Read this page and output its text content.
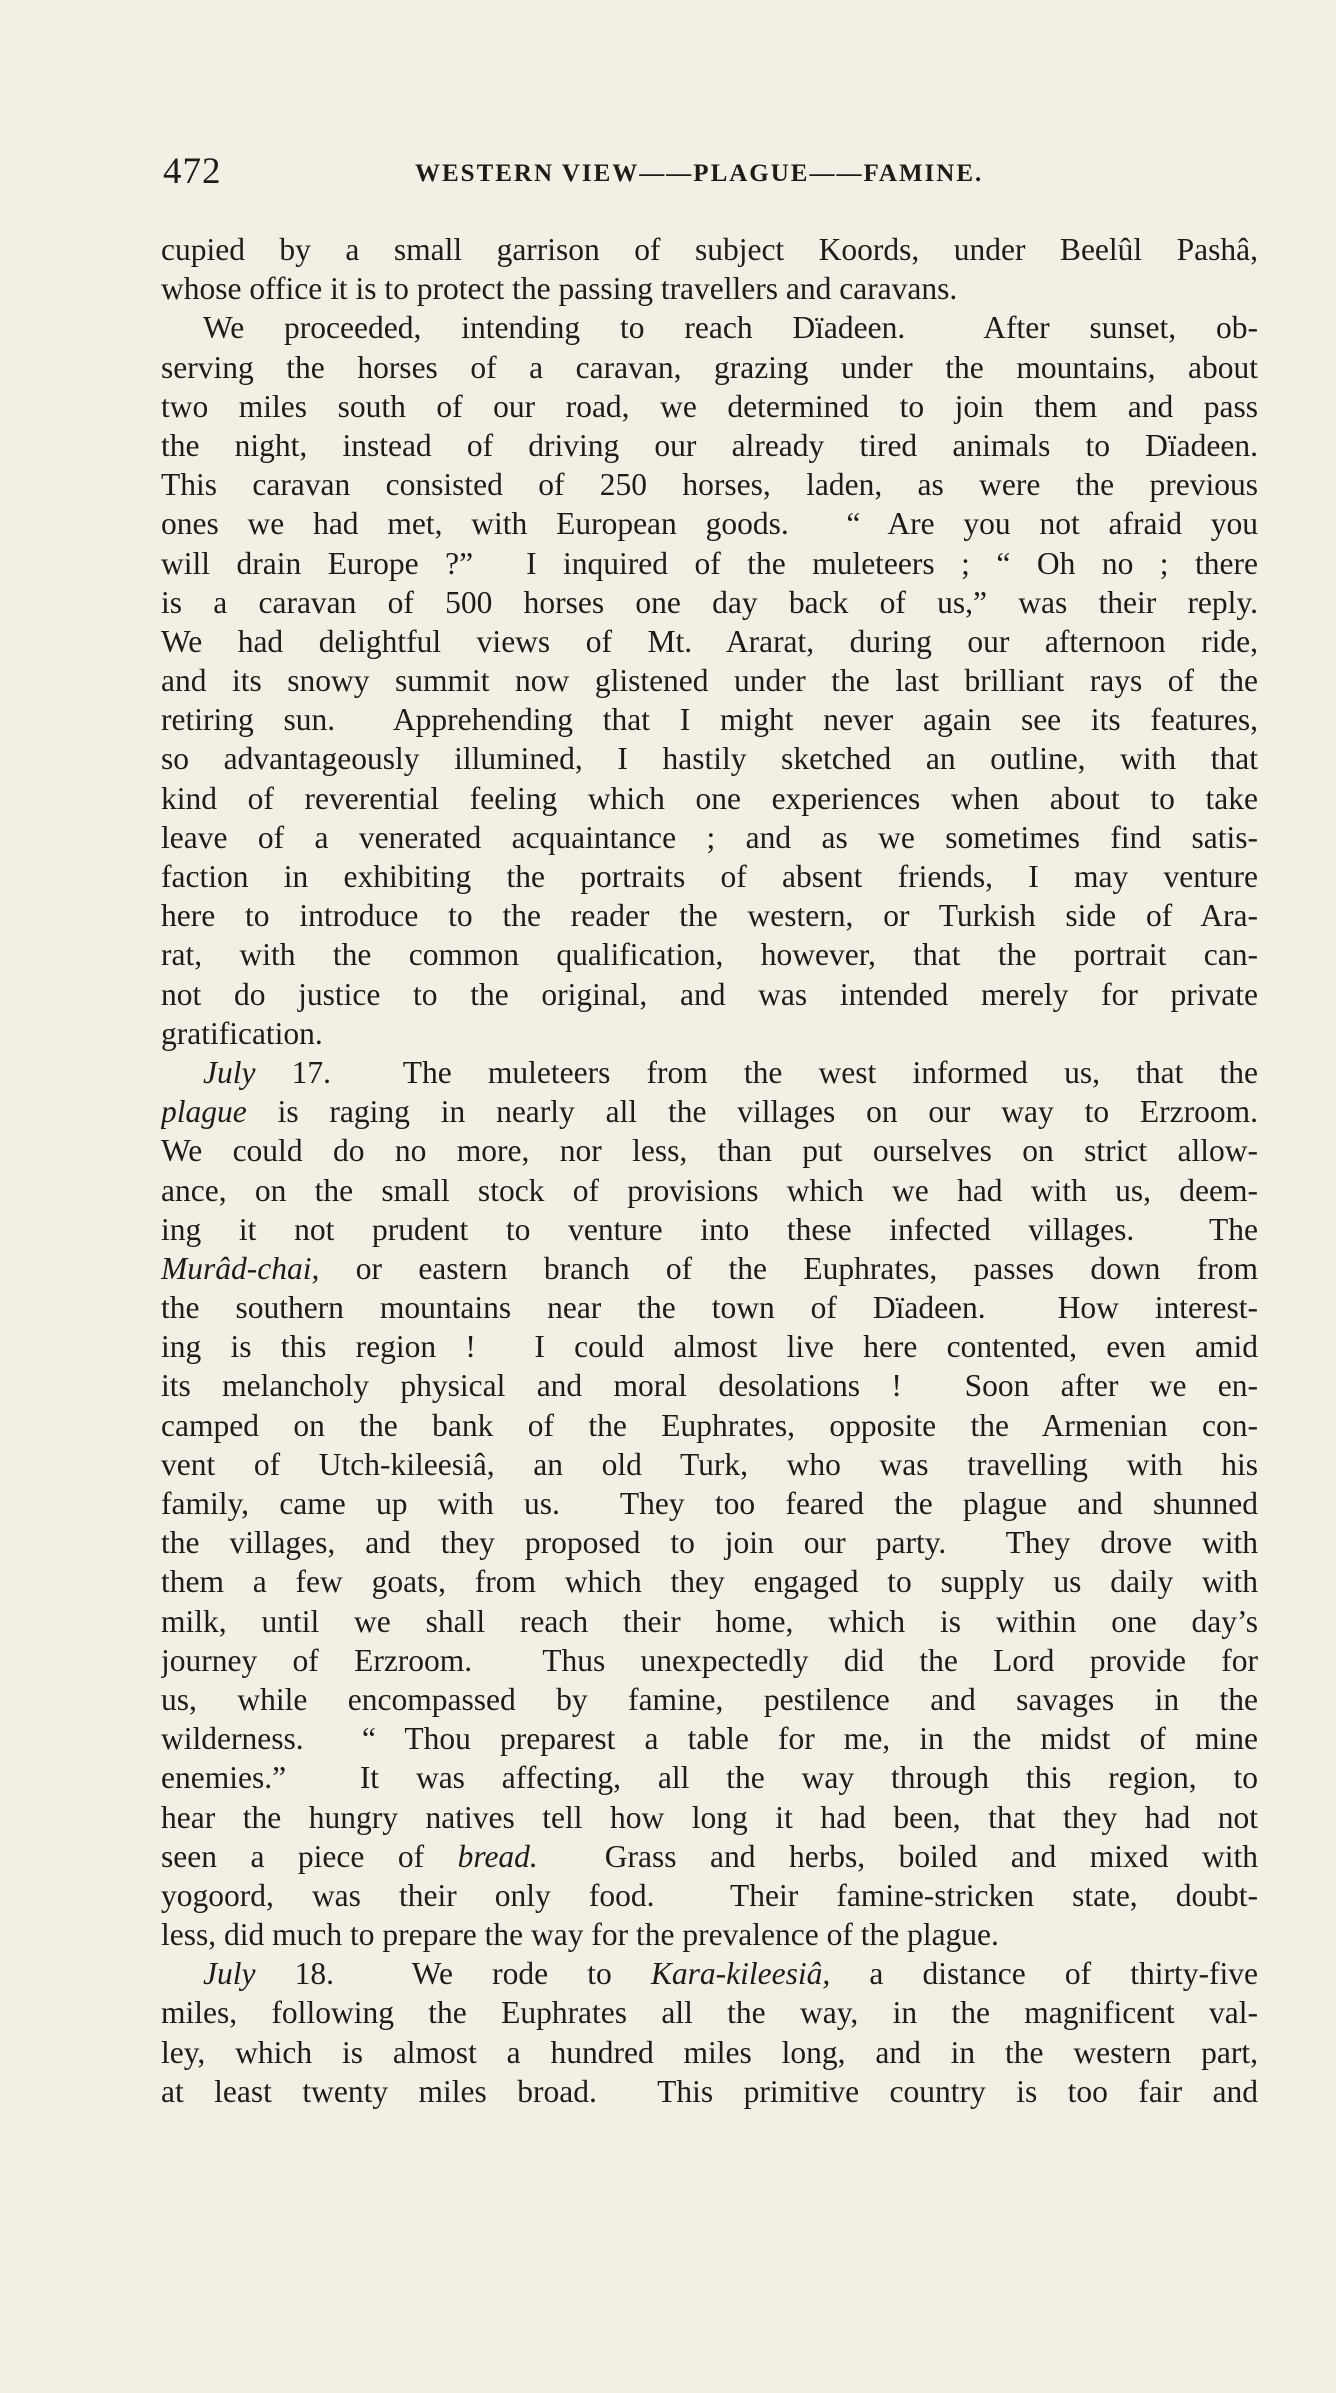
472	WESTERN VIEW——PLAGUE——FAMINE.
cupied by a small garrison of subject Koords, under Beelûl Pashâ,
whose office it is to protect the passing travellers and caravans.
We proceeded, intending to reach Dïadeen.  After sunset, ob-
serving the horses of a caravan, grazing under the mountains, about
two miles south of our road, we determined to join them and pass
the night, instead of driving our already tired animals to Dïadeen.
This caravan consisted of 250 horses, laden, as were the previous
ones we had met, with European goods.  “ Are you not afraid you
will drain Europe ?”  I inquired of the muleteers ; “ Oh no ; there
is a caravan of 500 horses one day back of us,” was their reply.
We had delightful views of Mt. Ararat, during our afternoon ride,
and its snowy summit now glistened under the last brilliant rays of the
retiring sun.  Apprehending that I might never again see its features,
so advantageously illumined, I hastily sketched an outline, with that
kind of reverential feeling which one experiences when about to take
leave of a venerated acquaintance ; and as we sometimes find satis-
faction in exhibiting the portraits of absent friends, I may venture
here to introduce to the reader the western, or Turkish side of Ara-
rat, with the common qualification, however, that the portrait can-
not do justice to the original, and was intended merely for private
gratification.
July 17.  The muleteers from the west informed us, that the
plague is raging in nearly all the villages on our way to Erzroom.
We could do no more, nor less, than put ourselves on strict allow-
ance, on the small stock of provisions which we had with us, deem-
ing it not prudent to venture into these infected villages.  The
Murâd-chai, or eastern branch of the Euphrates, passes down from
the southern mountains near the town of Dïadeen.  How interest-
ing is this region !  I could almost live here contented, even amid
its melancholy physical and moral desolations !  Soon after we en-
camped on the bank of the Euphrates, opposite the Armenian con-
vent of Utch-kileesiâ, an old Turk, who was travelling with his
family, came up with us.  They too feared the plague and shunned
the villages, and they proposed to join our party.  They drove with
them a few goats, from which they engaged to supply us daily with
milk, until we shall reach their home, which is within one day’s
journey of Erzroom.  Thus unexpectedly did the Lord provide for
us, while encompassed by famine, pestilence and savages in the
wilderness.  “ Thou preparest a table for me, in the midst of mine
enemies.”  It was affecting, all the way through this region, to
hear the hungry natives tell how long it had been, that they had not
seen a piece of bread.  Grass and herbs, boiled and mixed with
yogoord, was their only food.  Their famine-stricken state, doubt-
less, did much to prepare the way for the prevalence of the plague.
July 18.  We rode to Kara-kileesiâ, a distance of thirty-five
miles, following the Euphrates all the way, in the magnificent val-
ley, which is almost a hundred miles long, and in the western part,
at least twenty miles broad.  This primitive country is too fair and
